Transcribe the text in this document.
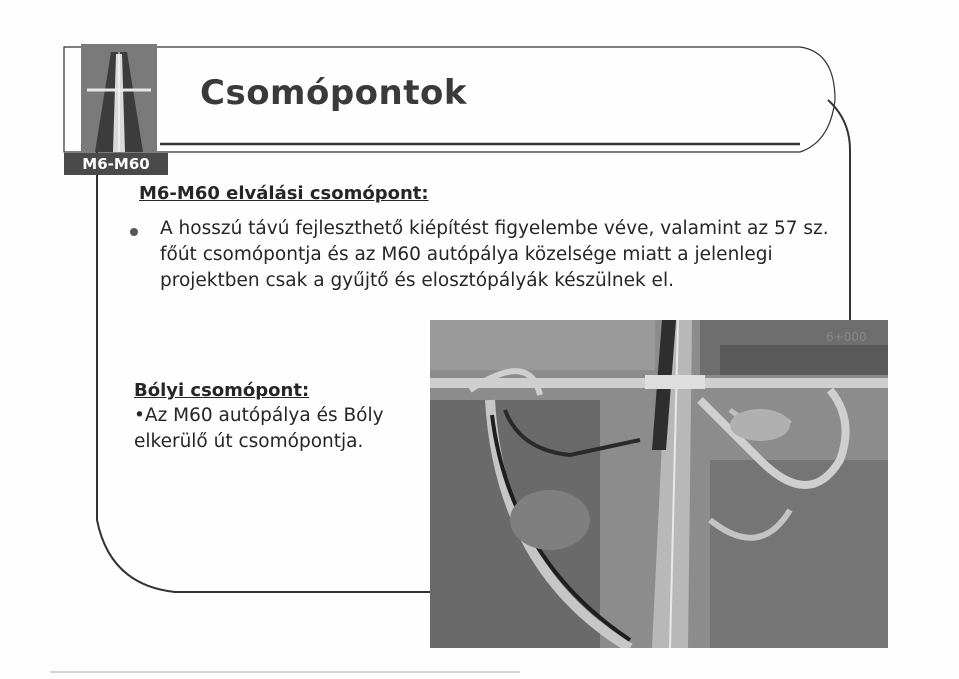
M6-M60
Csomópontok
M6-M60 elválási csomópont:

A hosszú távú fejleszthető kiépítést figyelembe véve, valamint az 57 sz. főút csomópontja és az M60 autópálya közelsége miatt a jelenlegi projektben csak a gyűjtő és elosztópályák készülnek el.

Bólyi csomópont:

•Az M60 autópálya és Bóly elkerülő út csomópontja.

6+000
